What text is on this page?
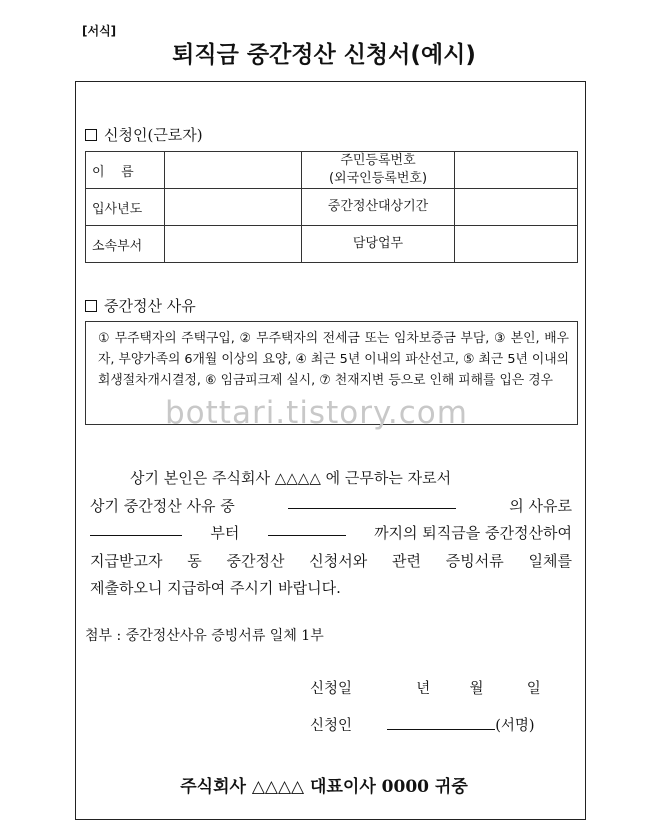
[서식]
퇴직금 중간정산 신청서(예시)
신청인(근로자)
이    름		주민등록번호
(외국인등록번호)	

입사년도		중간정산대상기간	
소속부서		담당업무	
중간정산 사유
① 무주택자의 주택구입, ② 무주택자의 전세금 또는 임차보증금 부담, ③ 본인, 배우자, 부양가족의 6개월 이상의 요양, ④ 최근 5년 이내의 파산선고, ⑤ 최근 5년 이내의 회생절차개시결정, ⑥ 임금피크제 실시, ⑦ 천재지변 등으로 인해 피해를 입은 경우
bottari.tistory.com
상기 본인은 주식회사 △△△△ 에 근무하는 자로서
상기 중간정산 사유 중	의 사유로
부터	까지의 퇴직금을 중간정산하여
지급받고자 동 중간정산 신청서와 관련 증빙서류 일체를
제출하오니 지급하여 주시기 바랍니다.
첨부 : 중간정산사유 증빙서류 일체 1부
신청일	년	월	일
신청인	(서명)
주식회사 △△△△ 대표이사 0000 귀중
